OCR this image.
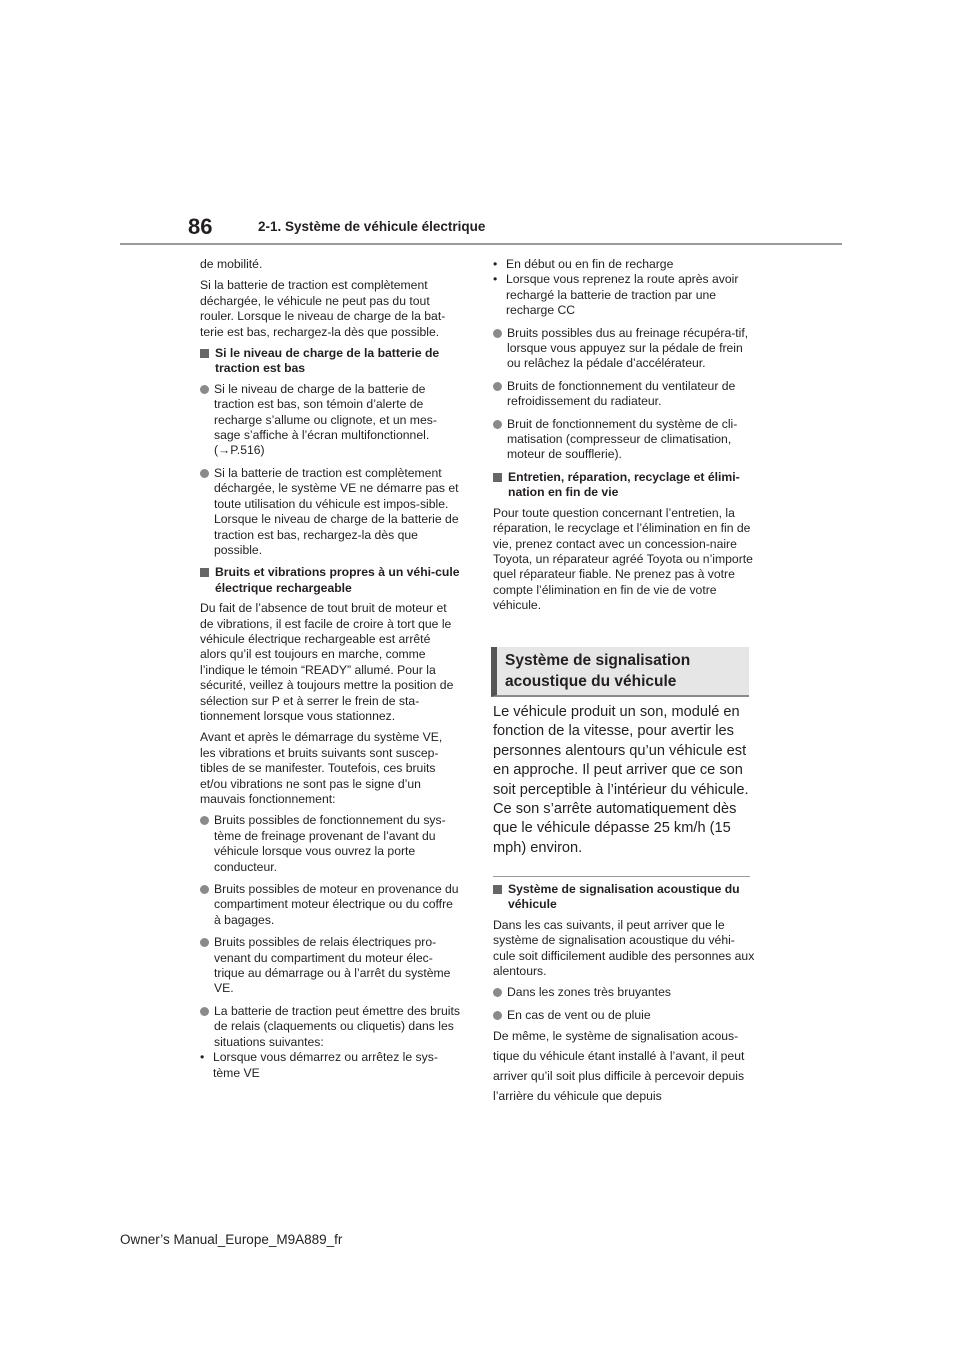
86	2-1. Système de véhicule électrique

de mobilité.

Si la batterie de traction est complètement déchargée, le véhicule ne peut pas du tout rouler. Lorsque le niveau de charge de la bat-terie est bas, rechargez-la dès que possible.

Si le niveau de charge de la batterie de traction est bas
Si le niveau de charge de la batterie de traction est bas, son témoin d’alerte de recharge s’allume ou clignote, et un mes-sage s’affiche à l’écran multifonctionnel. (→P.516)
Si la batterie de traction est complètement déchargée, le système VE ne démarre pas et toute utilisation du véhicule est impos-sible. Lorsque le niveau de charge de la batterie de traction est bas, rechargez-la dès que possible.
Bruits et vibrations propres à un véhi-cule électrique rechargeable

Du fait de l’absence de tout bruit de moteur et de vibrations, il est facile de croire à tort que le véhicule électrique rechargeable est arrêté alors qu’il est toujours en marche, comme l’indique le témoin “READY” allumé. Pour la sécurité, veillez à toujours mettre la position de sélection sur P et à serrer le frein de sta-tionnement lorsque vous stationnez.

Avant et après le démarrage du système VE, les vibrations et bruits suivants sont suscep-tibles de se manifester. Toutefois, ces bruits et/ou vibrations ne sont pas le signe d’un mauvais fonctionnement:

Bruits possibles de fonctionnement du sys-tème de freinage provenant de l’avant du véhicule lorsque vous ouvrez la porte conducteur.
Bruits possibles de moteur en provenance du compartiment moteur électrique ou du coffre à bagages.
Bruits possibles de relais électriques pro-venant du compartiment du moteur élec-trique au démarrage ou à l’arrêt du système VE.
La batterie de traction peut émettre des bruits de relais (claquements ou cliquetis) dans les situations suivantes:
• Lorsque vous démarrez ou arrêtez le sys-tème VE
• En début ou en fin de recharge
• Lorsque vous reprenez la route après avoir rechargé la batterie de traction par une recharge CC
Bruits possibles dus au freinage récupéra-tif, lorsque vous appuyez sur la pédale de frein ou relâchez la pédale d’accélérateur.
Bruits de fonctionnement du ventilateur de refroidissement du radiateur.
Bruit de fonctionnement du système de cli-matisation (compresseur de climatisation, moteur de soufflerie).
Entretien, réparation, recyclage et élimi-nation en fin de vie

Pour toute question concernant l’entretien, la réparation, le recyclage et l’élimination en fin de vie, prenez contact avec un concession-naire Toyota, un réparateur agréé Toyota ou n’importe quel réparateur fiable. Ne prenez pas à votre compte l’élimination en fin de vie de votre véhicule.

Système de signalisation
acoustique du véhicule
Le véhicule produit un son, modulé en fonction de la vitesse, pour avertir les personnes alentours qu’un véhicule est en approche. Il peut arriver que ce son soit perceptible à l’intérieur du véhicule. Ce son s’arrête automatiquement dès que le véhicule dépasse 25 km/h (15 mph) environ.
Système de signalisation acoustique du véhicule

Dans les cas suivants, il peut arriver que le système de signalisation acoustique du véhi-cule soit difficilement audible des personnes aux alentours.

Dans les zones très bruyantes
En cas de vent ou de pluie

De même, le système de signalisation acous-tique du véhicule étant installé à l’avant, il peut arriver qu’il soit plus difficile à percevoir depuis l’arrière du véhicule que depuis

Owner’s Manual_Europe_M9A889_fr
